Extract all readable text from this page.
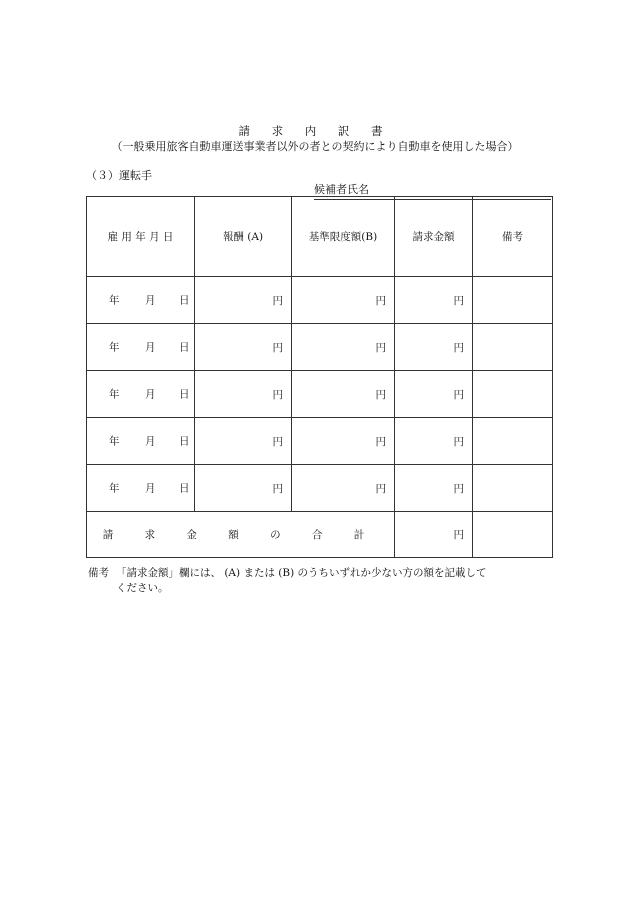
請 求 内 訳 書
（一般乗用旅客自動車運送事業者以外の者との契約により自動車を使用した場合）
（３）運転手
候補者氏名
雇 用 年 月 日	報酬 (A)	基準限度額(B)	請求金額	備考

年 月 日	円	円	円	

年 月 日	円	円	円	

年 月 日	円	円	円	

年 月 日	円	円	円	

年 月 日	円	円	円	
請 求 金 額 の 合 計			円	
備考 「請求金額」欄には、 (A) または (B) のうちいずれか少ない方の額を記載して
ください。
